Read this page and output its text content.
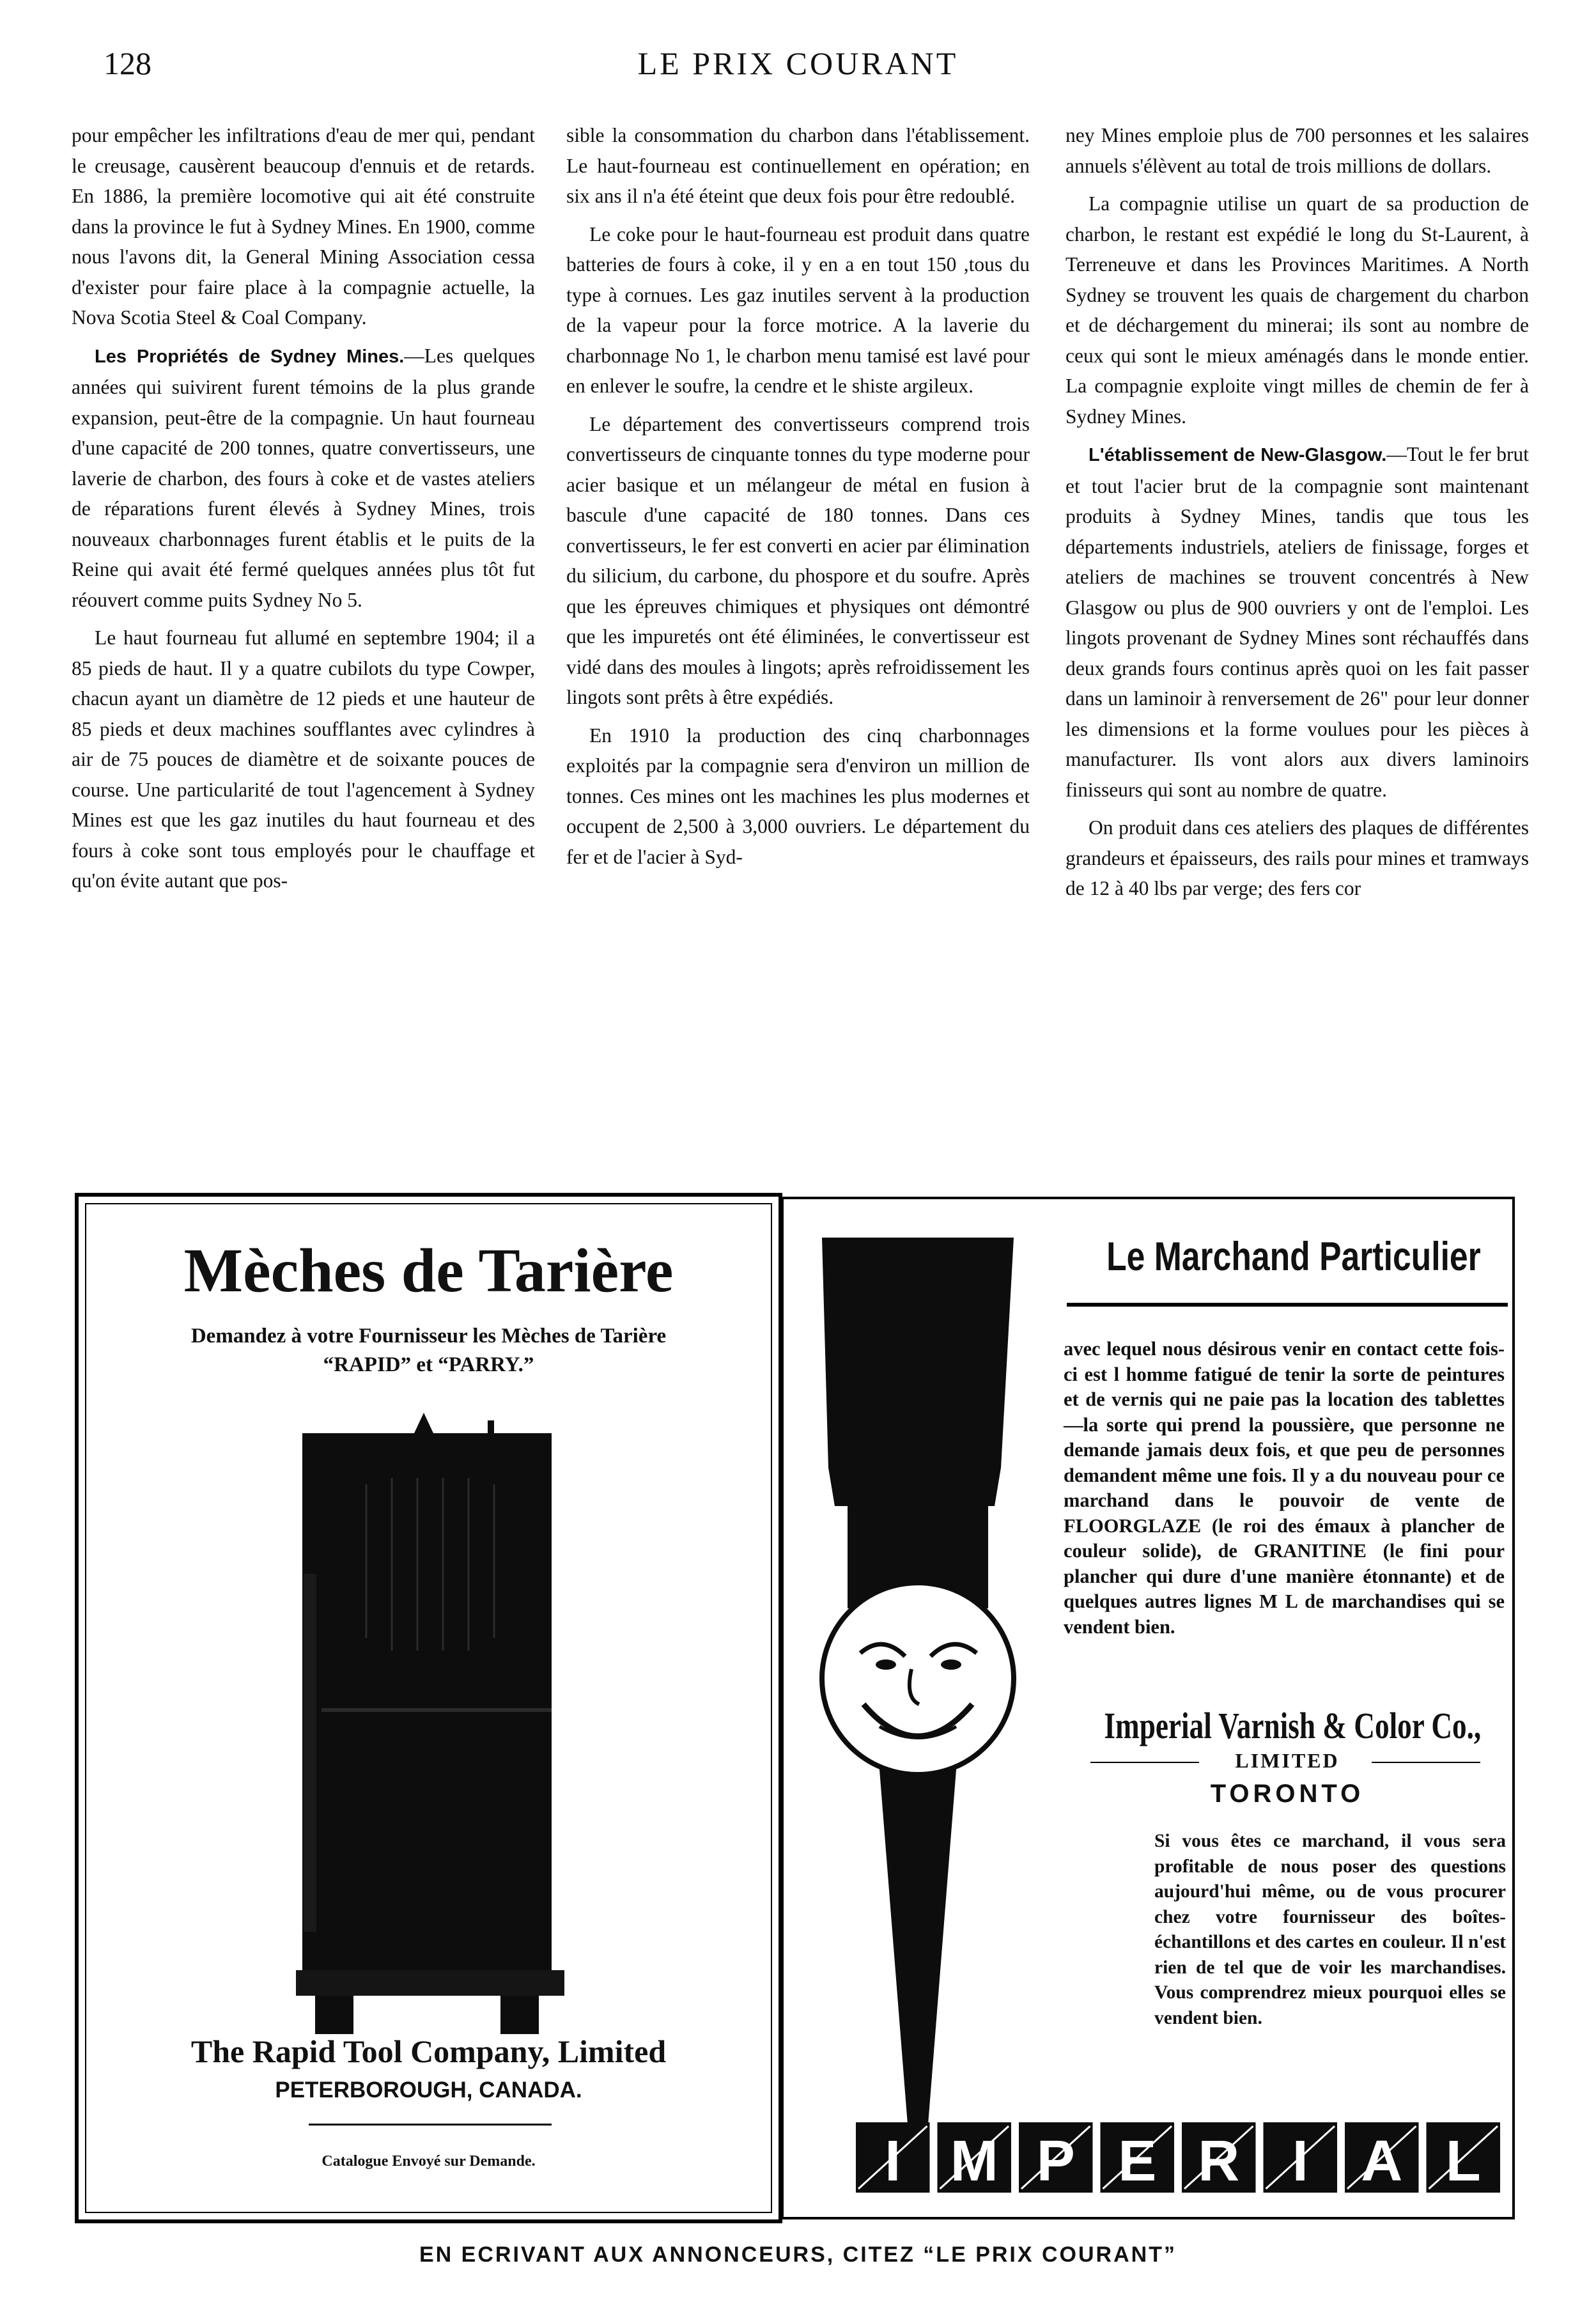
128	LE PRIX COURANT

pour empêcher les infiltrations d'eau de mer qui, pendant le creusage, causèrent beaucoup d'ennuis et de retards. En 1886, la première locomotive qui ait été construite dans la province le fut à Sydney Mines. En 1900, comme nous l'avons dit, la General Mining Association cessa d'exister pour faire place à la compagnie actuelle, la Nova Scotia Steel & Coal Company.

Les Propriétés de Sydney Mines.—Les quelques années qui suivirent furent témoins de la plus grande expansion, peut-être de la compagnie. Un haut fourneau d'une capacité de 200 tonnes, quatre convertisseurs, une laverie de charbon, des fours à coke et de vastes ateliers de réparations furent élevés à Sydney Mines, trois nouveaux charbonnages furent établis et le puits de la Reine qui avait été fermé quelques années plus tôt fut réouvert comme puits Sydney No 5.

Le haut fourneau fut allumé en septembre 1904; il a 85 pieds de haut. Il y a quatre cubilots du type Cowper, chacun ayant un diamètre de 12 pieds et une hauteur de 85 pieds et deux machines soufflantes avec cylindres à air de 75 pouces de diamètre et de soixante pouces de course. Une particularité de tout l'agencement à Sydney Mines est que les gaz inutiles du haut fourneau et des fours à coke sont tous employés pour le chauffage et qu'on évite autant que pos-

sible la consommation du charbon dans l'établissement. Le haut-fourneau est continuellement en opération; en six ans il n'a été éteint que deux fois pour être redoublé.

Le coke pour le haut-fourneau est produit dans quatre batteries de fours à coke, il y en a en tout 150 ,tous du type à cornues. Les gaz inutiles servent à la production de la vapeur pour la force motrice. A la laverie du charbonnage No 1, le charbon menu tamisé est lavé pour en enlever le soufre, la cendre et le shiste argileux.

Le département des convertisseurs comprend trois convertisseurs de cinquante tonnes du type moderne pour acier basique et un mélangeur de métal en fusion à bascule d'une capacité de 180 tonnes. Dans ces convertisseurs, le fer est converti en acier par élimination du silicium, du carbone, du phospore et du soufre. Après que les épreuves chimiques et physiques ont démontré que les impuretés ont été éliminées, le convertisseur est vidé dans des moules à lingots; après refroidissement les lingots sont prêts à être expédiés.

En 1910 la production des cinq charbonnages exploités par la compagnie sera d'environ un million de tonnes. Ces mines ont les machines les plus modernes et occupent de 2,500 à 3,000 ouvriers. Le département du fer et de l'acier à Syd-

ney Mines emploie plus de 700 personnes et les salaires annuels s'élèvent au total de trois millions de dollars.

La compagnie utilise un quart de sa production de charbon, le restant est expédié le long du St-Laurent, à Terreneuve et dans les Provinces Maritimes. A North Sydney se trouvent les quais de chargement du charbon et de déchargement du minerai; ils sont au nombre de ceux qui sont le mieux aménagés dans le monde entier. La compagnie exploite vingt milles de chemin de fer à Sydney Mines.

L'établissement de New-Glasgow.—Tout le fer brut et tout l'acier brut de la compagnie sont maintenant produits à Sydney Mines, tandis que tous les départements industriels, ateliers de finissage, forges et ateliers de machines se trouvent concentrés à New Glasgow ou plus de 900 ouvriers y ont de l'emploi. Les lingots provenant de Sydney Mines sont réchauffés dans deux grands fours continus après quoi on les fait passer dans un laminoir à renversement de 26" pour leur donner les dimensions et la forme voulues pour les pièces à manufacturer. Ils vont alors aux divers laminoirs finisseurs qui sont au nombre de quatre.

On produit dans ces ateliers des plaques de différentes grandeurs et épaisseurs, des rails pour mines et tramways de 12 à 40 lbs par verge; des fers cor

Mèches de Tarière
Demandez à votre Fournisseur les Mèches de Tarière
“RAPID” et “PARRY.”
The Rapid Tool Company, Limited
PETERBOROUGH, CANADA.
Catalogue Envoyé sur Demande.
Le Marchand Particulier
avec lequel nous désirous venir en contact cette fois-ci est l homme fatigué de tenir la sorte de peintures et de vernis qui ne paie pas la location des tablettes—la sorte qui prend la poussière, que personne ne demande jamais deux fois, et que peu de personnes demandent même une fois. Il y a du nouveau pour ce marchand dans le pouvoir de vente de FLOORGLAZE (le roi des émaux à plancher de couleur solide), de GRANITINE (le fini pour plancher qui dure d'une manière étonnante) et de quelques autres lignes M L de marchandises qui se vendent bien.
Imperial Varnish & Color Co.,
LIMITED
TORONTO
Si vous êtes ce marchand, il vous sera profitable de nous poser des questions aujourd'hui même, ou de vous procurer chez votre fournisseur des boîtes-échantillons et des cartes en couleur. Il n'est rien de tel que de voir les marchandises. Vous comprendrez mieux pourquoi elles se vendent bien.
I M P E R I A L
EN ECRIVANT AUX ANNONCEURS, CITEZ “LE PRIX COURANT”
